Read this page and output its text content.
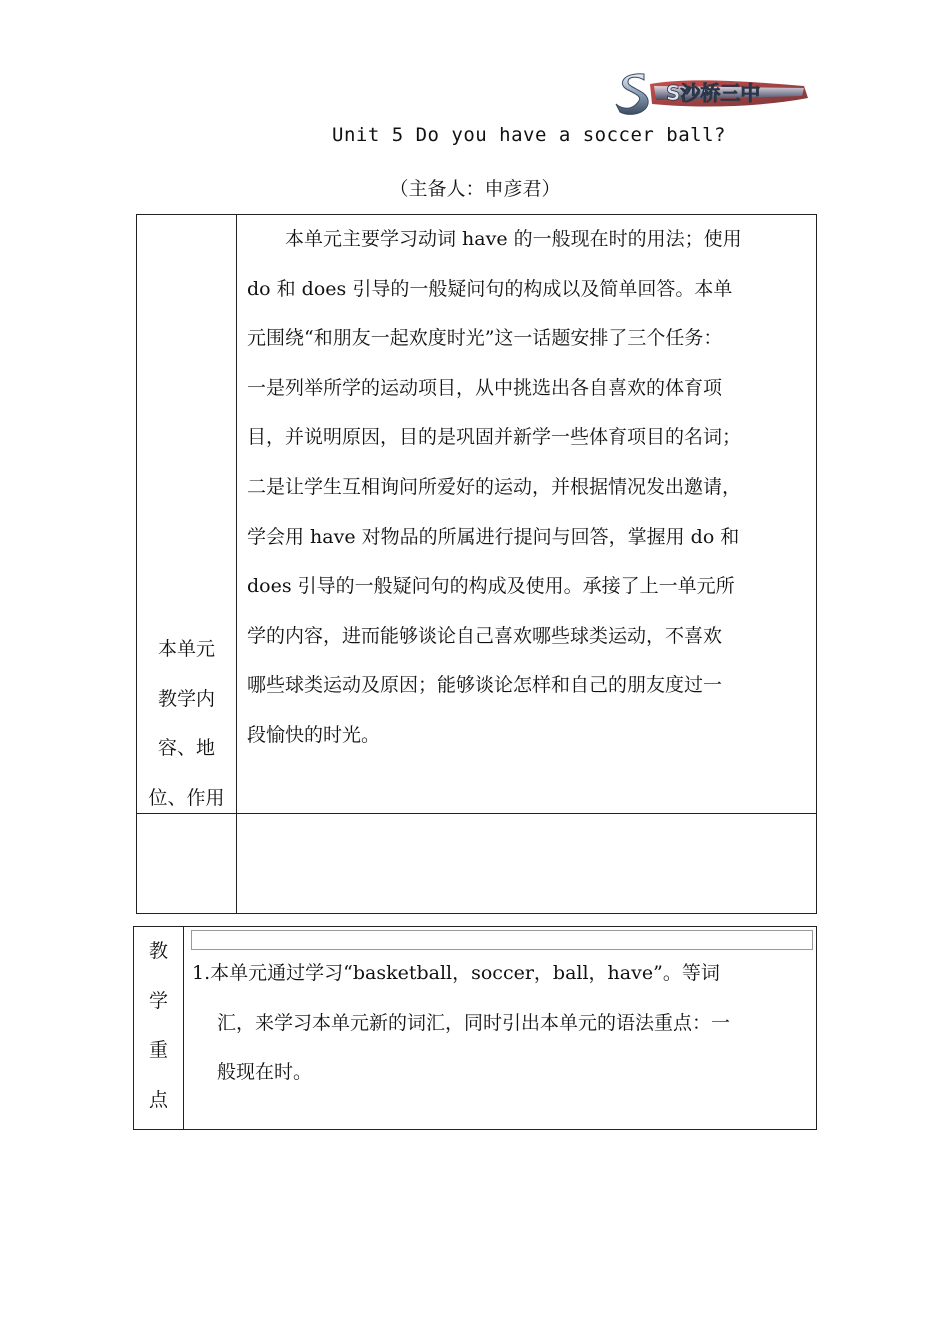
S沙桥三中
Unit 5 Do you have a soccer ball?
（主备人：申彦君）
本单元
教学内
容、地
位、作用
　　本单元主要学习动词 have 的一般现在时的用法；使用
do 和 does 引导的一般疑问句的构成以及简单回答。本单
元围绕“和朋友一起欢度时光”这一话题安排了三个任务：
一是列举所学的运动项目，从中挑选出各自喜欢的体育项
目，并说明原因，目的是巩固并新学一些体育项目的名词；
二是让学生互相询问所爱好的运动，并根据情况发出邀请，
学会用 have 对物品的所属进行提问与回答，掌握用 do 和
does 引导的一般疑问句的构成及使用。承接了上一单元所
学的内容，进而能够谈论自己喜欢哪些球类运动，不喜欢
哪些球类运动及原因；能够谈论怎样和自己的朋友度过一
段愉快的时光。
教
学
重
点
1.本单元通过学习“basketball，soccer，ball，have”。等词
汇，来学习本单元新的词汇，同时引出本单元的语法重点：一
般现在时。
